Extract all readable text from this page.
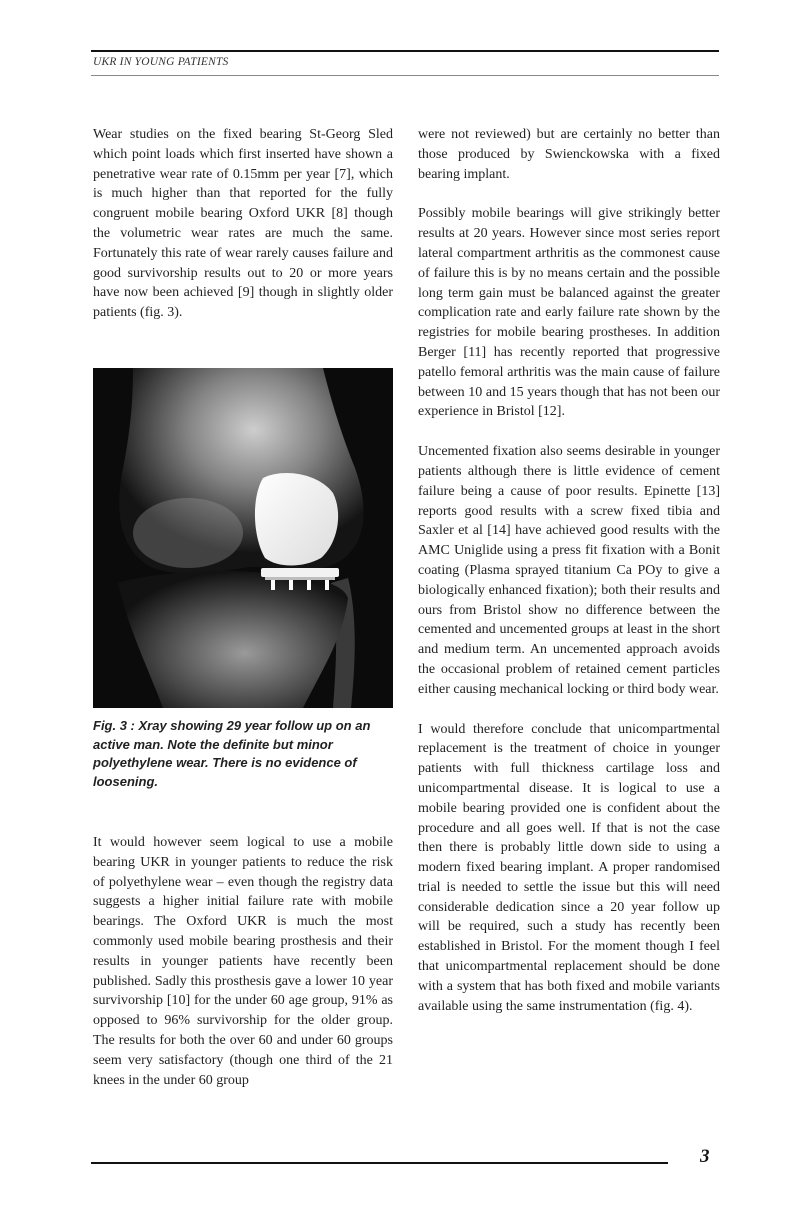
UKR IN YOUNG PATIENTS

Wear studies on the fixed bearing St-Georg Sled which point loads which first inserted have shown a penetrative wear rate of 0.15mm per year [7], which is much higher than that reported for the fully congruent mobile bearing Oxford UKR [8] though the volumetric wear rates are much the same. Fortunately this rate of wear rarely causes failure and good survivorship results out to 20 or more years have now been achieved [9] though in slightly older patients (fig. 3).

Fig. 3 : Xray showing 29 year follow up on an active man. Note the definite but minor polyethylene wear. There is no evidence of loosening.

It would however seem logical to use a mobile bearing UKR in younger patients to reduce the risk of polyethylene wear – even though the registry data suggests a higher initial failure rate with mobile bearings. The Oxford UKR is much the most commonly used mobile bearing prosthesis and their results in younger patients have recently been published. Sadly this prosthesis gave a lower 10 year survivorship [10] for the under 60 age group, 91% as opposed to 96% survivorship for the older group. The results for both the over 60 and under 60 groups seem very satisfactory (though one third of the 21 knees in the under 60 group

were not reviewed) but are certainly no better than those produced by Swienckowska with a fixed bearing implant.

Possibly mobile bearings will give strikingly better results at 20 years. However since most series report lateral compartment arthritis as the commonest cause of failure this is by no means certain and the possible long term gain must be balanced against the greater complication rate and early failure rate shown by the registries for mobile bearing prostheses. In addition Berger [11] has recently reported that progressive patello femoral arthritis was the main cause of failure between 10 and 15 years though that has not been our experience in Bristol [12].

Uncemented fixation also seems desirable in younger patients although there is little evidence of cement failure being a cause of poor results. Epinette [13] reports good results with a screw fixed tibia and Saxler et al [14] have achieved good results with the AMC Uniglide using a press fit fixation with a Bonit coating (Plasma sprayed titanium Ca POy to give a biologically enhanced fixation); both their results and ours from Bristol show no difference between the cemented and uncemented groups at least in the short and medium term. An uncemented approach avoids the occasional problem of retained cement particles either causing mechanical locking or third body wear.

I would therefore conclude that unicompartmental replacement is the treatment of choice in younger patients with full thickness cartilage loss and unicompartmental disease. It is logical to use a mobile bearing provided one is confident about the procedure and all goes well. If that is not the case then there is probably little down side to using a modern fixed bearing implant. A proper randomised trial is needed to settle the issue but this will need considerable dedication since a 20 year follow up will be required, such a study has recently been established in Bristol. For the moment though I feel that unicompartmental replacement should be done with a system that has both fixed and mobile variants available using the same instrumentation (fig. 4).

3
